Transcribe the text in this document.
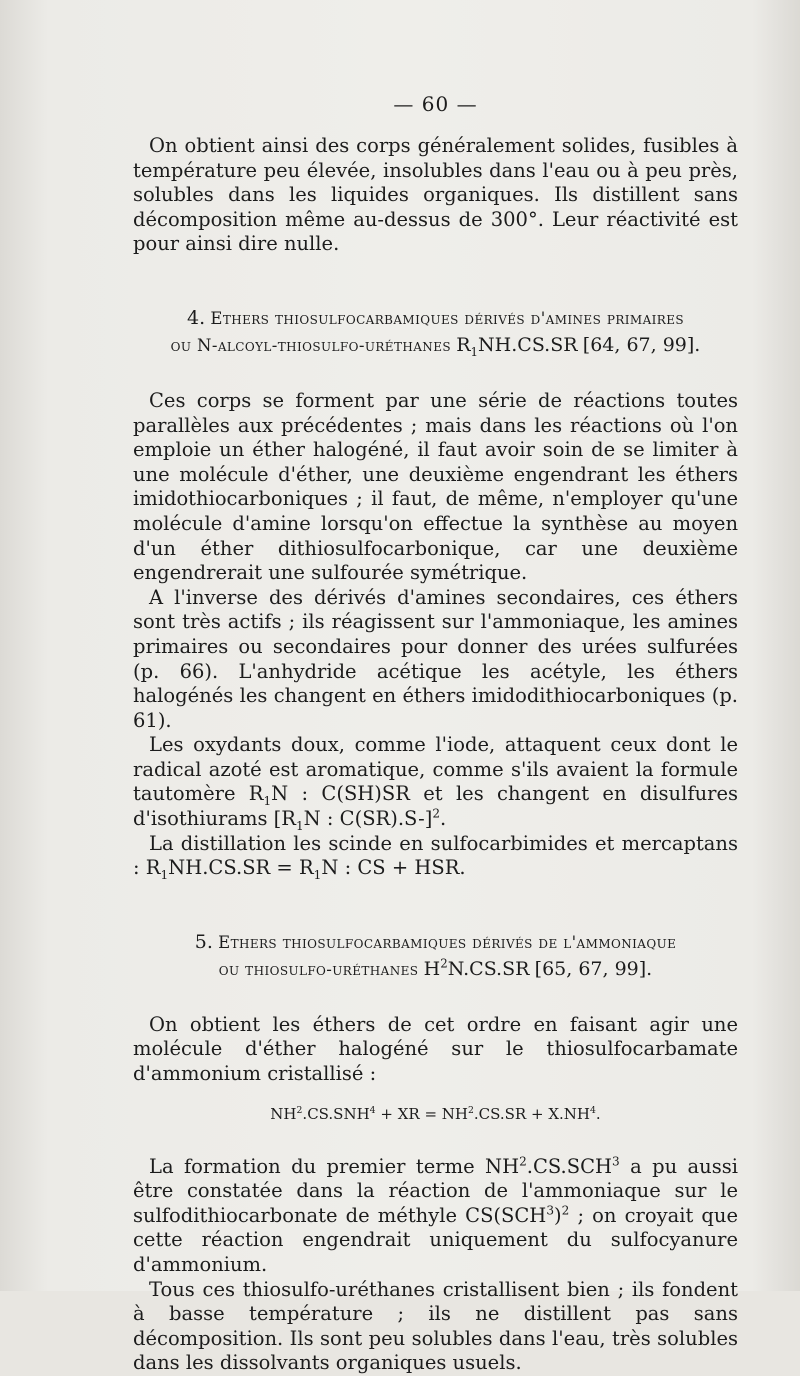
— 60 —

On obtient ainsi des corps généralement solides, fusibles à température peu élevée, insolubles dans l'eau ou à peu près, solubles dans les liquides organiques. Ils distillent sans décomposition même au-dessus de 300°. Leur réactivité est pour ainsi dire nulle.

4. Ethers thiosulfocarbamiques dérivés d'amines primaires
ou N-alcoyl-thiosulfo-uréthanes $R_1NH.CS.SR$ [64, 67, 99].

Ces corps se forment par une série de réactions toutes parallèles aux précédentes ; mais dans les réactions où l'on emploie un éther halogéné, il faut avoir soin de se limiter à une molécule d'éther, une deuxième engendrant les éthers imidothiocarboniques ; il faut, de même, n'employer qu'une molécule d'amine lorsqu'on effectue la synthèse au moyen d'un éther dithiosulfocarbonique, car une deuxième engendrerait une sulfourée symétrique.

A l'inverse des dérivés d'amines secondaires, ces éthers sont très actifs ; ils réagissent sur l'ammoniaque, les amines primaires ou secondaires pour donner des urées sulfurées (p. 66). L'anhydride acétique les acétyle, les éthers halogénés les changent en éthers imidodithiocarboniques (p. 61).

Les oxydants doux, comme l'iode, attaquent ceux dont le radical azoté est aromatique, comme s'ils avaient la formule tautomère $R_1N$ : C(SH)SR et les changent en disulfures d'isothiurams [$R_1N$ : C(SR).S-]$^2$.

La distillation les scinde en sulfocarbimides et mercaptans : $R_1NH.CS.SR = R_1N$ : CS + HSR.

5. Ethers thiosulfocarbamiques dérivés de l'ammoniaque
ou thiosulfo-uréthanes $H^2N.CS.SR$ [65, 67, 99].

On obtient les éthers de cet ordre en faisant agir une molécule d'éther halogéné sur le thiosulfocarbamate d'ammonium cristallisé :

$NH^2.CS.SNH^4$ + XR = $NH^2.CS.SR + X.NH^4$.

La formation du premier terme $NH^2.CS.SCH^3$ a pu aussi être constatée dans la réaction de l'ammoniaque sur le sulfodithiocarbonate de méthyle $CS(SCH^3)^2$ ; on croyait que cette réaction engendrait uniquement du sulfocyanure d'ammonium.

Tous ces thiosulfo-uréthanes cristallisent bien ; ils fondent à basse température ; ils ne distillent pas sans décomposition. Ils sont peu solubles dans l'eau, très solubles dans les dissolvants organiques usuels.
